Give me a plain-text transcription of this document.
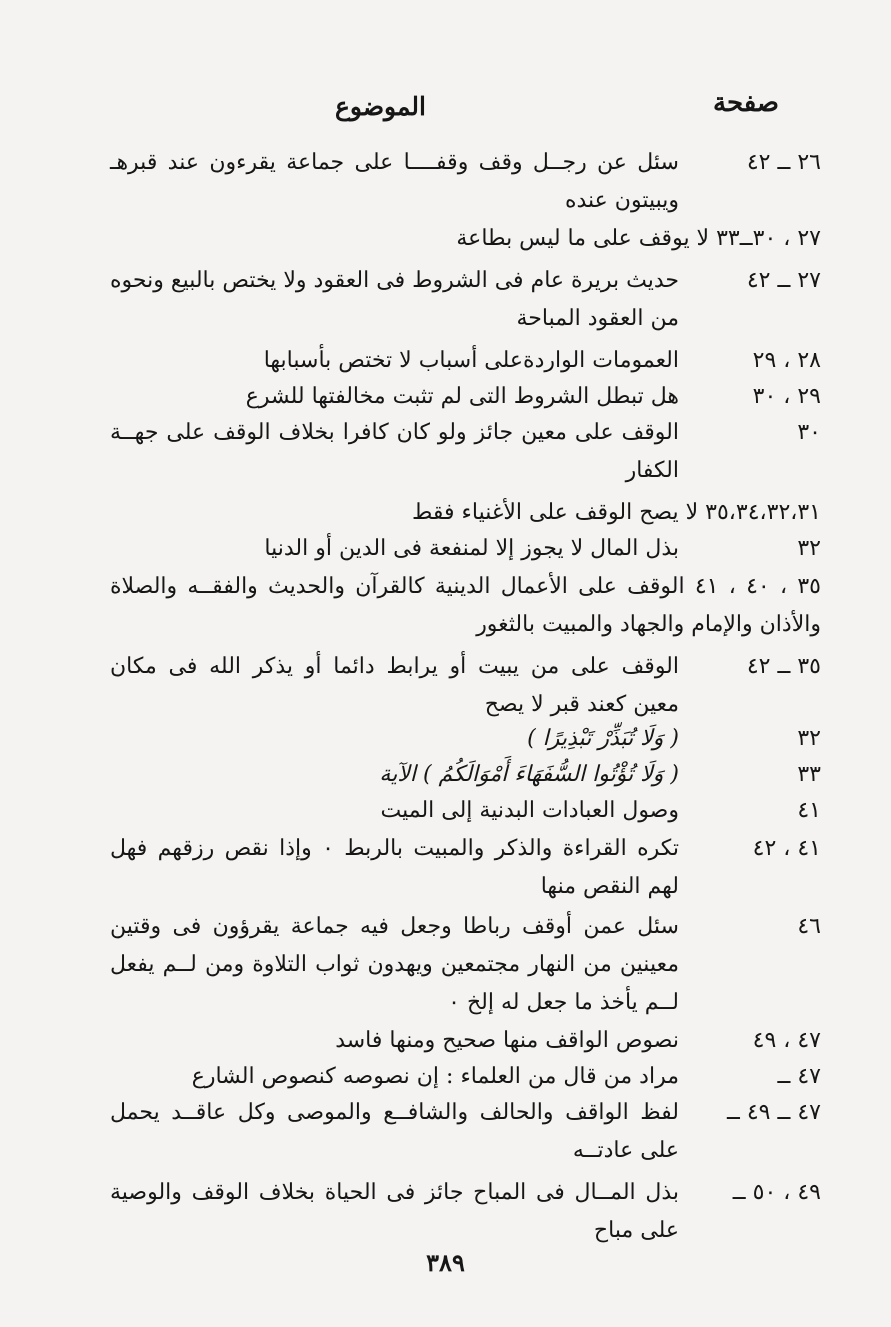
صفحة
الموضوع
٢٦ ــ ٤٢
سئل عن رجــل وقف وقفــــا على جماعة يقرءون عند قبرهـ ويبيتون عنده
٢٧ ، ٣٠ــ٣٣ لا يوقف على ما ليس بطاعة
٢٧ ــ ٤٢
حديث بريرة عام فى الشروط فى العقود ولا يختص بالبيع ونحوه من العقود المباحة
٢٨ ، ٢٩
العمومات الواردةعلى أسباب لا تختص بأسبابها
٢٩ ، ٣٠
هل تبطل الشروط التى لم تثبت مخالفتها للشرع
٣٠
الوقف على معين جائز ولو كان كافرا بخلاف الوقف على جهــة الكفار
٣٥،٣٤،٣٢،٣١ لا يصح الوقف على الأغنياء فقط
٣٢
بذل المال لا يجوز إلا لمنفعة فى الدين أو الدنيا
٣٥ ، ٤٠ ، ٤١ الوقف على الأعمال الدينية كالقرآن والحديث والفقــه والصلاة والأذان والإمام والجهاد والمبيت بالثغور
٣٥ ــ ٤٢
الوقف على من يبيت أو يرابط دائما أو يذكر الله فى مكان معين كعند قبر لا يصح
٣٢
( وَلَا تُبَذِّرْ تَبْذِيرًا )
٣٣
( وَلَا تُؤْتُوا السُّفَهَاءَ أَمْوَالَكُمُ ) الآية
٤١
وصول العبادات البدنية إلى الميت
٤١ ، ٤٢
تكره القراءة والذكر والمبيت بالربط ٠ وإذا نقص رزقهم فهل لهم النقص منها
٤٦
سئل عمن أوقف رباطا وجعل فيه جماعة يقرؤون فى وقتين معينين من النهار مجتمعين ويهدون ثواب التلاوة ومن لــم يفعل لــم يأخذ ما جعل له إلخ ٠
٤٧ ، ٤٩
نصوص الواقف منها صحيح ومنها فاسد
٤٧ ــ
مراد من قال من العلماء : إن نصوصه كنصوص الشارع
٤٧ ــ ٤٩ ــ
لفظ الواقف والحالف والشافــع والموصى وكل عاقــد يحمل على عادتــه
٤٩ ، ٥٠ ــ
بذل المــال فى المباح جائز فى الحياة بخلاف الوقف والوصية على مباح
٣٨٩
